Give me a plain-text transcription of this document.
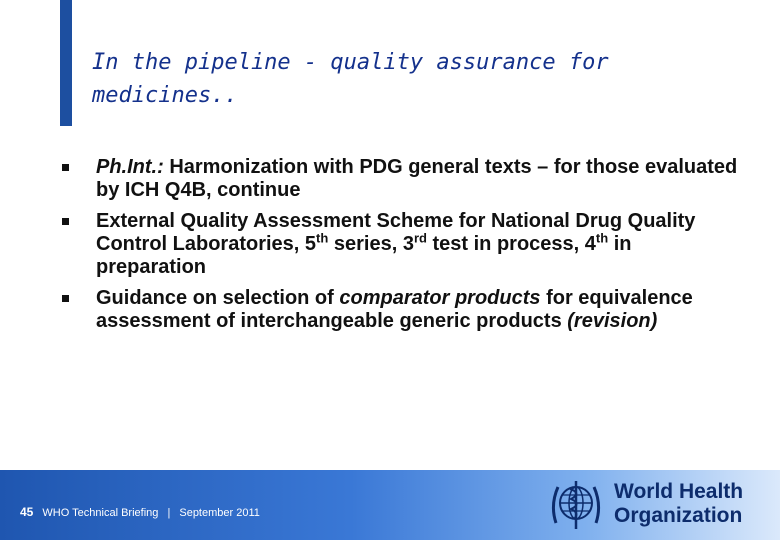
In the pipeline - quality assurance for
medicines..
Ph.Int.: Harmonization with PDG general texts – for those evaluated by ICH Q4B, continue
External Quality Assessment Scheme for National Drug Quality Control Laboratories, 5th series, 3rd test in process, 4th in preparation
Guidance on selection of comparator products for equivalence assessment of interchangeable generic products (revision)
45 WHO Technical Briefing | September 2011
World Health
Organization
